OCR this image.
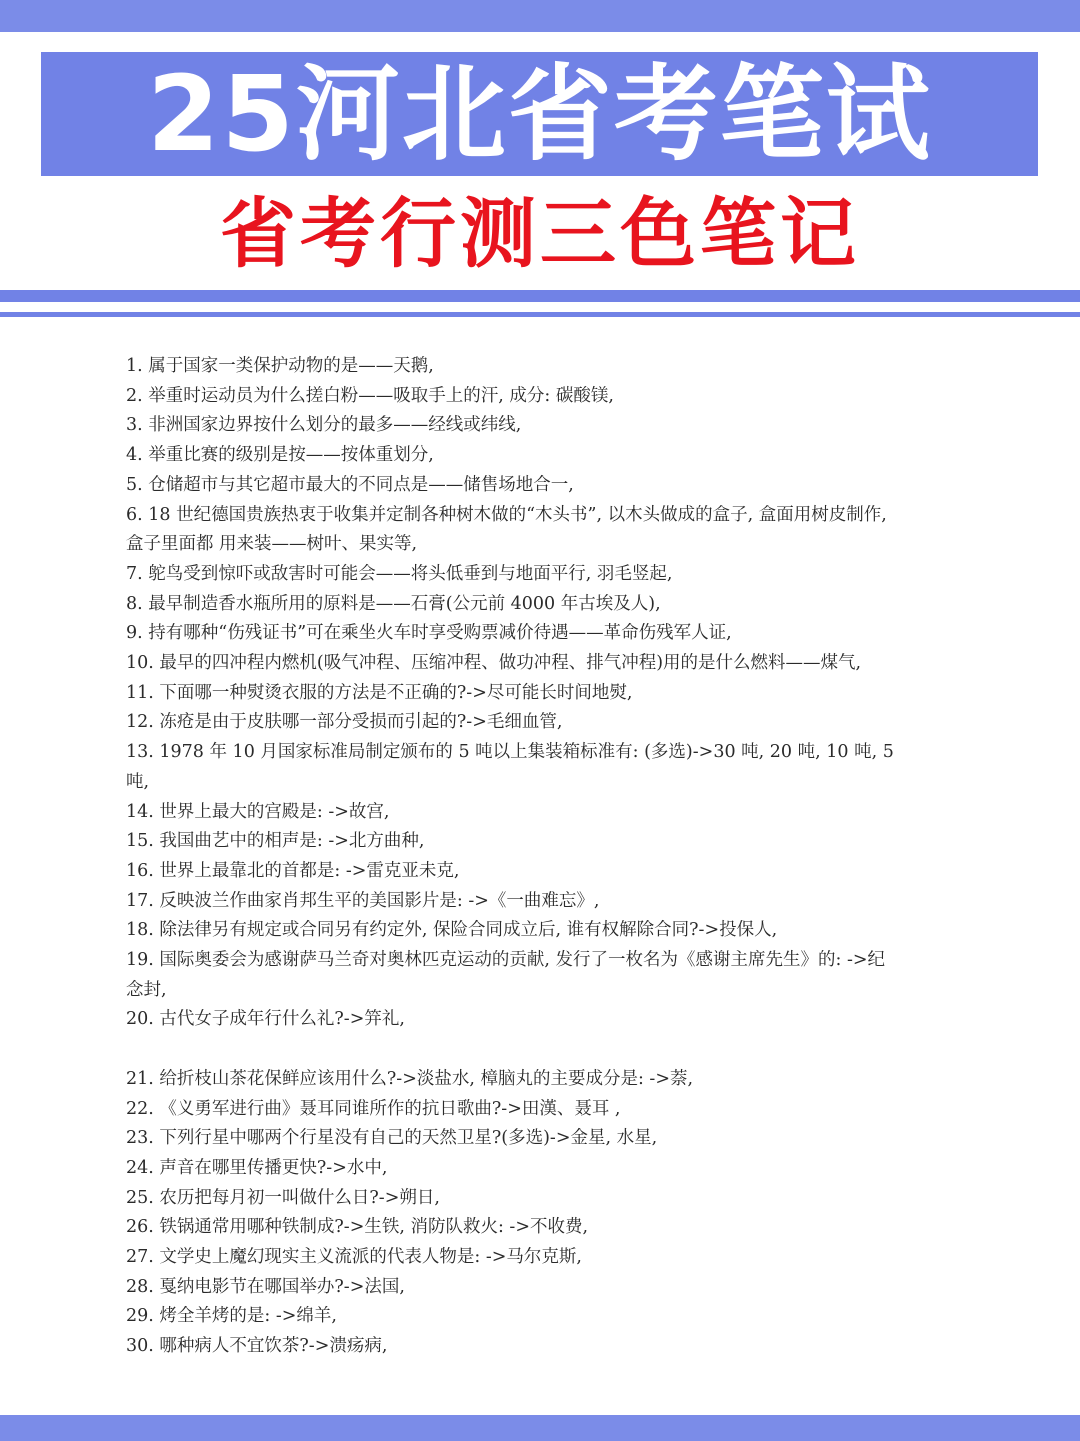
25河北省考笔试
省考行测三色笔记

1. 属于国家一类保护动物的是——天鹅,

2. 举重时运动员为什么搓白粉——吸取手上的汗, 成分: 碳酸镁,

3. 非洲国家边界按什么划分的最多——经线或纬线,

4. 举重比赛的级别是按——按体重划分,

5. 仓储超市与其它超市最大的不同点是——储售场地合一,

6. 18 世纪德国贵族热衷于收集并定制各种树木做的“木头书”, 以木头做成的盒子, 盒面用树皮制作, 盒子里面都 用来装——树叶、果实等,

7. 鸵鸟受到惊吓或敌害时可能会——将头低垂到与地面平行, 羽毛竖起,

8. 最早制造香水瓶所用的原料是——石膏(公元前 4000 年古埃及人),

9. 持有哪种“伤残证书”可在乘坐火车时享受购票减价待遇——革命伤残军人证,

10. 最早的四冲程内燃机(吸气冲程、压缩冲程、做功冲程、排气冲程)用的是什么燃料——煤气,

11. 下面哪一种熨烫衣服的方法是不正确的?->尽可能长时间地熨,

12. 冻疮是由于皮肤哪一部分受损而引起的?->毛细血管,

13. 1978 年 10 月国家标准局制定颁布的 5 吨以上集装箱标准有: (多选)->30 吨, 20 吨, 10 吨, 5 吨,

14. 世界上最大的宫殿是: ->故宫,

15. 我国曲艺中的相声是: ->北方曲种,

16. 世界上最靠北的首都是: ->雷克亚未克,

17. 反映波兰作曲家肖邦生平的美国影片是: ->《一曲难忘》,

18. 除法律另有规定或合同另有约定外, 保险合同成立后, 谁有权解除合同?->投保人,

19. 国际奥委会为感谢萨马兰奇对奥林匹克运动的贡献, 发行了一枚名为《感谢主席先生》的: ->纪念封,

20. 古代女子成年行什么礼?->笄礼,

21. 给折枝山茶花保鲜应该用什么?->淡盐水, 樟脑丸的主要成分是: ->萘,

22. 《义勇军进行曲》聂耳同谁所作的抗日歌曲?->田漢、聂耳 ,

23. 下列行星中哪两个行星没有自己的天然卫星?(多选)->金星, 水星,

24. 声音在哪里传播更快?->水中,

25. 农历把每月初一叫做什么日?->朔日,

26. 铁锅通常用哪种铁制成?->生铁, 消防队救火: ->不收费,

27. 文学史上魔幻现实主义流派的代表人物是: ->马尔克斯,

28. 戛纳电影节在哪国举办?->法国,

29. 烤全羊烤的是: ->绵羊,

30. 哪种病人不宜饮茶?->溃疡病,
